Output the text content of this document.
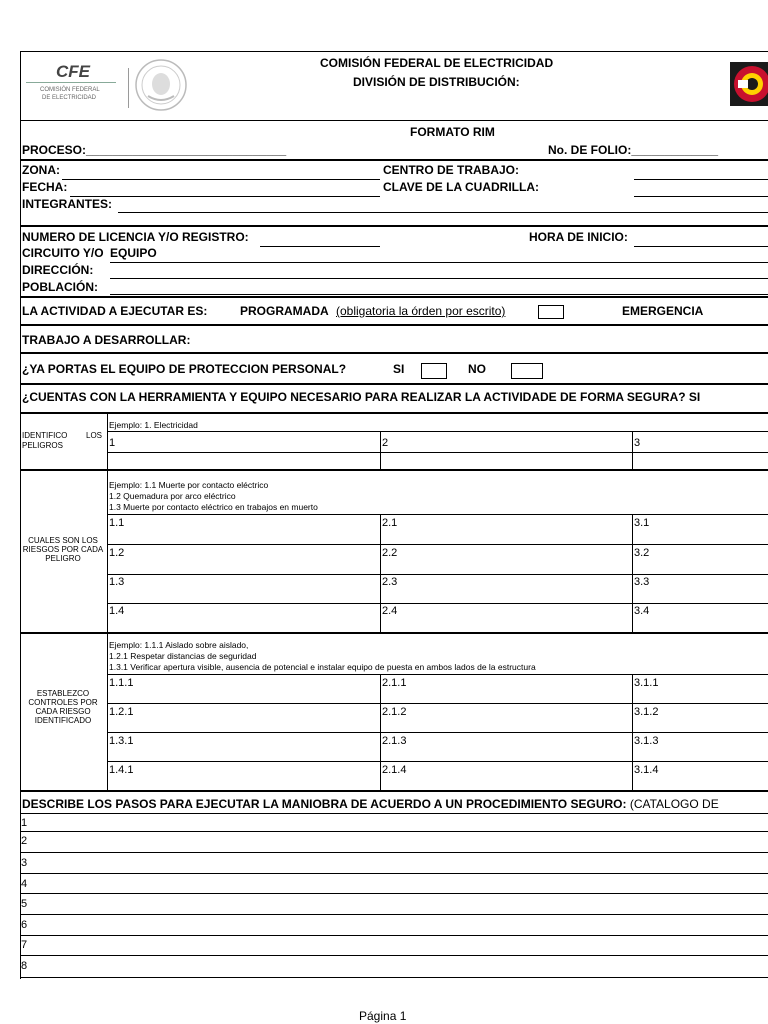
CFE
COMISIÓN FEDERAL
DE ELECTRICIDAD
COMISIÓN FEDERAL DE ELECTRICIDAD
DIVISIÓN DE DISTRIBUCIÓN:
FORMATO RIM
PROCESO:______________________________	No. DE FOLIO:_____________
ZONA:	CENTRO DE TRABAJO:
FECHA:	CLAVE DE LA CUADRILLA:
INTEGRANTES:
NUMERO DE LICENCIA Y/O REGISTRO:	HORA DE INICIO:
CIRCUITO Y/O EQUIPO
DIRECCIÓN:
POBLACIÓN:
LA ACTIVIDAD A EJECUTAR ES:	PROGRAMADA (obligatoria la órden por escrito)	EMERGENCIA
TRABAJO A DESARROLLAR:
¿YA PORTAS EL EQUIPO DE PROTECCION PERSONAL?	SI	NO
¿CUENTAS CON LA HERRAMIENTA Y EQUIPO NECESARIO PARA REALIZAR LA ACTIVIDADE DE FORMA SEGURA? SI
IDENTIFICO LOS PELIGROS
Ejemplo: 1. Electricidad
1	2	3
CUALES SON LOS RIESGOS POR CADA PELIGRO
Ejemplo: 1.1 Muerte por contacto eléctrico
1.2 Quemadura por arco eléctrico
1.3 Muerte por contacto eléctrico en trabajos en muerto
1.1	2.1	3.1
1.2	2.2	3.2
1.3	2.3	3.3
1.4	2.4	3.4
ESTABLEZCO CONTROLES POR CADA RIESGO IDENTIFICADO
Ejemplo: 1.1.1 Aislado sobre aislado,
1.2.1 Respetar distancias de seguridad
1.3.1 Verificar apertura visible, ausencia de potencial e instalar equipo de puesta en ambos lados de la estructura
1.1.1	2.1.1	3.1.1
1.2.1	2.1.2	3.1.2
1.3.1	2.1.3	3.1.3
1.4.1	2.1.4	3.1.4
DESCRIBE LOS PASOS PARA EJECUTAR LA MANIOBRA DE ACUERDO A UN PROCEDIMIENTO SEGURO: (CATALOGO DE
1
2
3
4
5
6
7
8
Página 1
